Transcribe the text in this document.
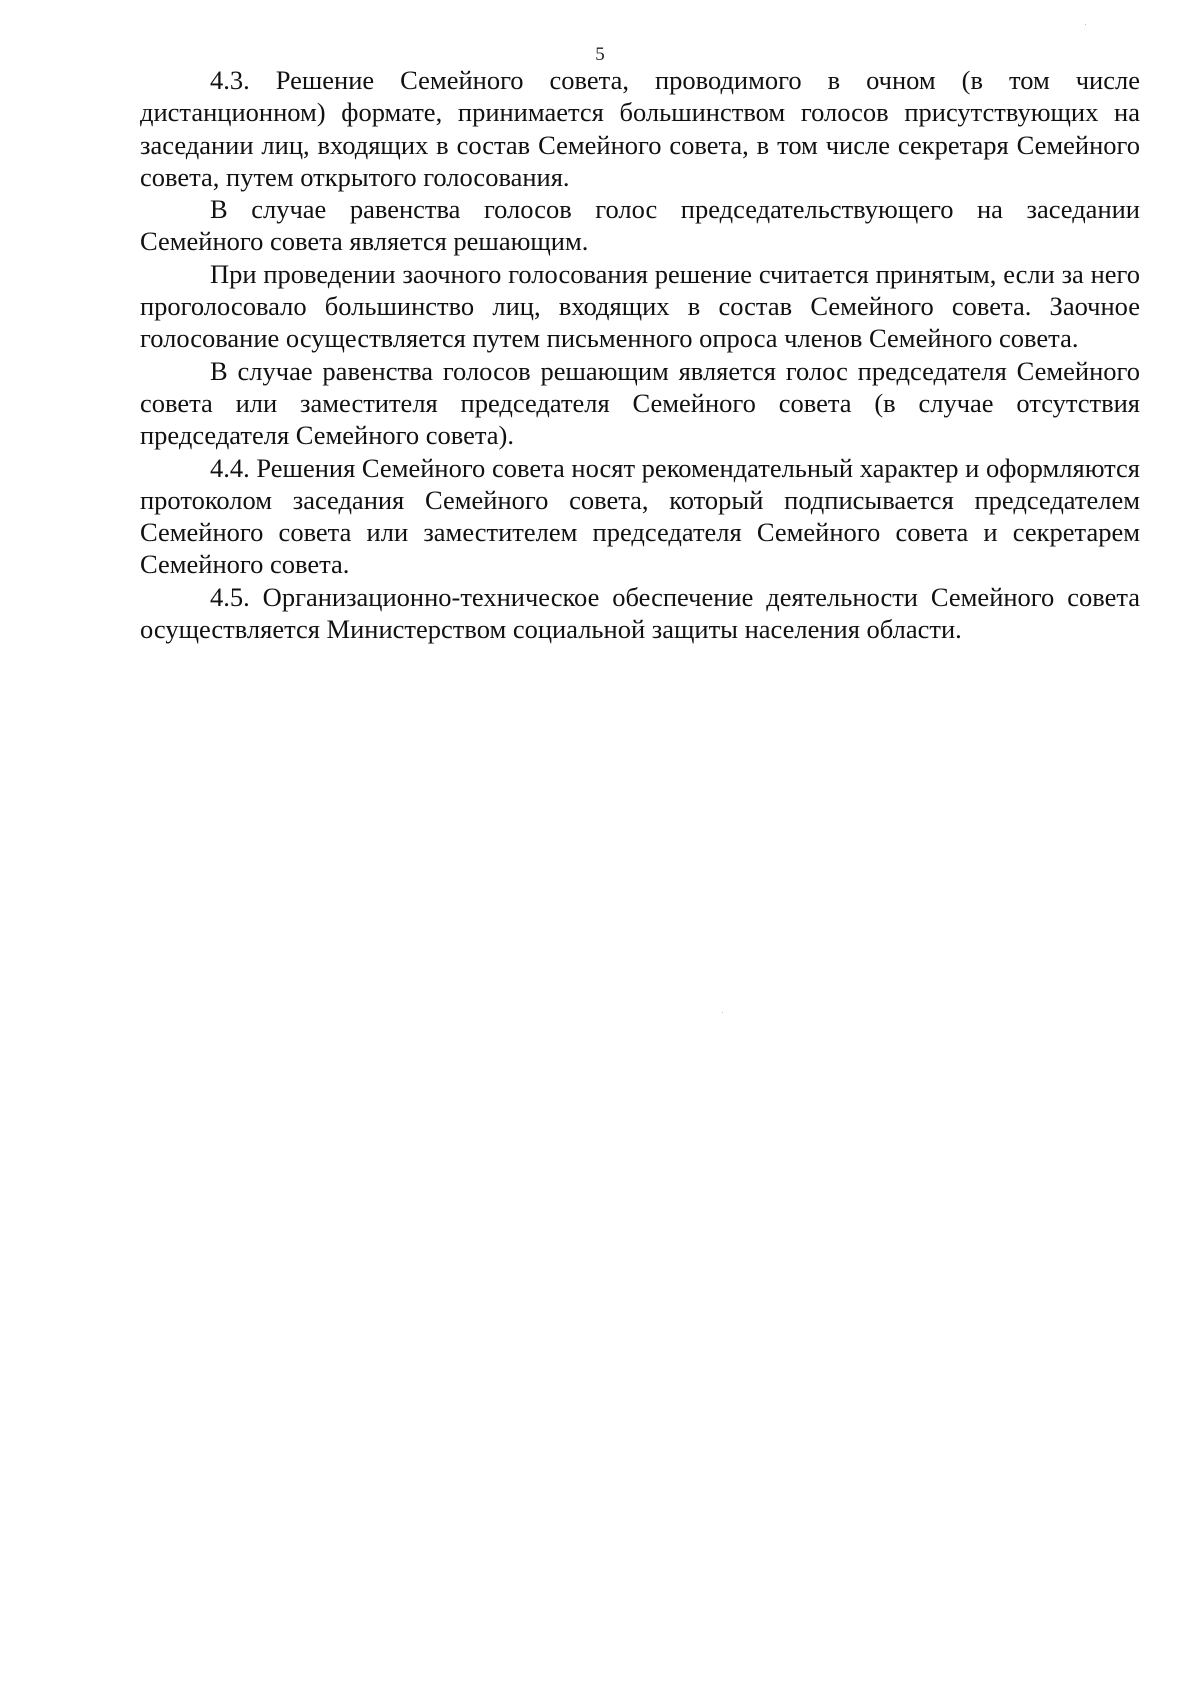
5

4.3. Решение Семейного совета, проводимого в очном (в том числе дистанционном) формате, принимается большинством голосов присутствующих на заседании лиц, входящих в состав Семейного совета, в том числе секретаря Семейного совета, путем открытого голосования.

В случае равенства голосов голос председательствующего на заседании Семейного совета является решающим.

При проведении заочного голосования решение считается принятым, если за него проголосовало большинство лиц, входящих в состав Семейного совета. Заочное голосование осуществляется путем письменного опроса членов Семейного совета.

В случае равенства голосов решающим является голос председателя Семейного совета или заместителя председателя Семейного совета (в случае отсутствия председателя Семейного совета).

4.4. Решения Семейного совета носят рекомендательный характер и оформляются протоколом заседания Семейного совета, который подписывается председателем Семейного совета или заместителем председателя Семейного совета и секретарем Семейного совета.

4.5. Организационно-техническое обеспечение деятельности Семейного совета осуществляется Министерством социальной защиты населения области.
